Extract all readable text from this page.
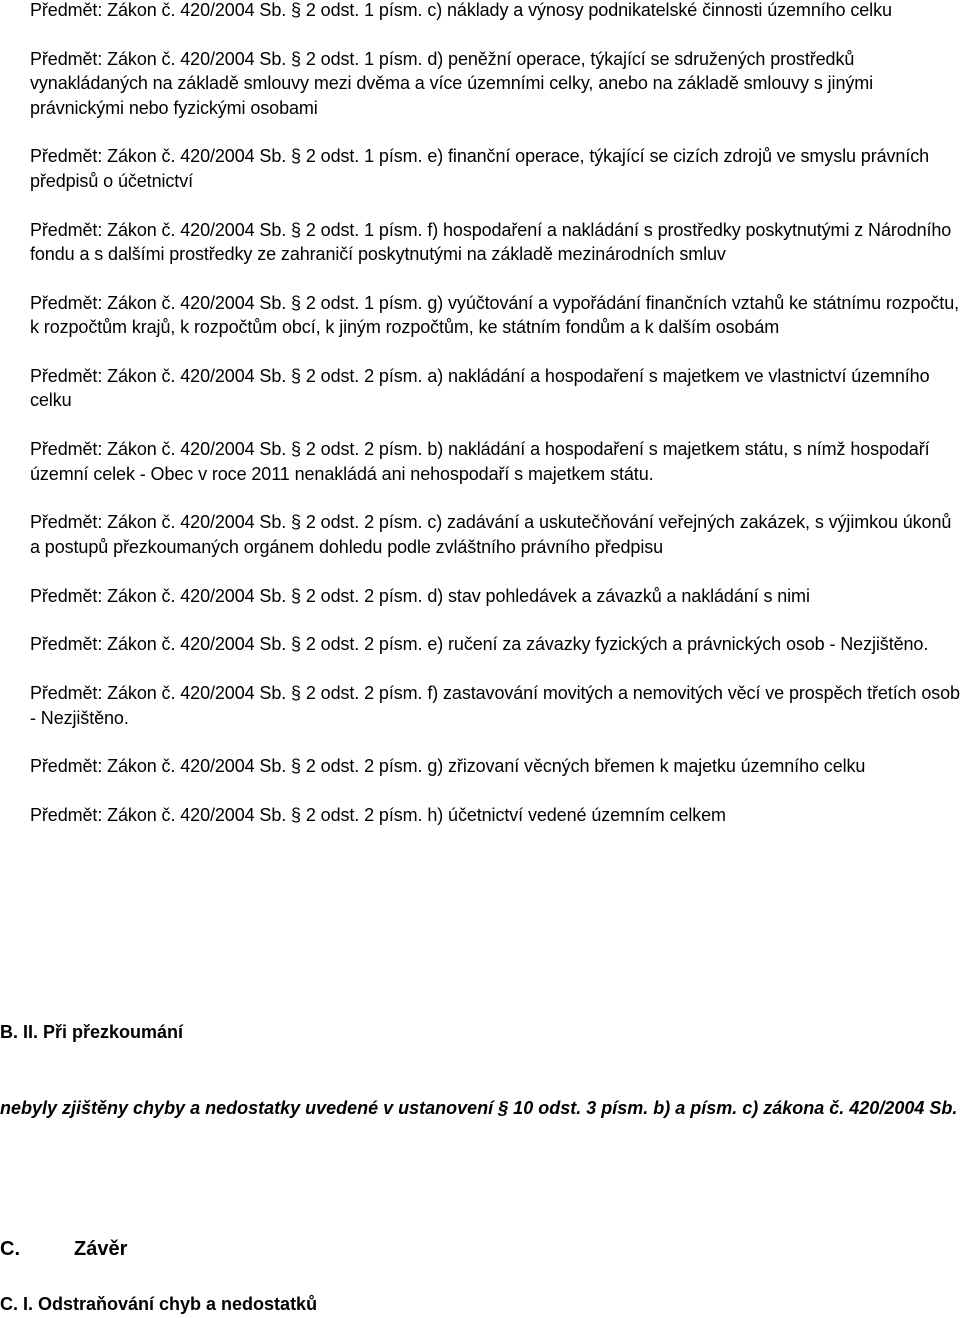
Předmět: Zákon č. 420/2004 Sb. § 2 odst. 1 písm. c) náklady a výnosy podnikatelské činnosti územního celku

Předmět: Zákon č. 420/2004 Sb. § 2 odst. 1 písm. d) peněžní operace, týkající se sdružených prostředků vynakládaných na základě smlouvy mezi dvěma a více územními celky, anebo na základě smlouvy s jinými právnickými nebo fyzickými osobami

Předmět: Zákon č. 420/2004 Sb. § 2 odst. 1 písm. e) finanční operace, týkající se cizích zdrojů ve smyslu právních předpisů o účetnictví

Předmět: Zákon č. 420/2004 Sb. § 2 odst. 1 písm. f) hospodaření a nakládání s prostředky poskytnutými z Národního fondu a s dalšími prostředky ze zahraničí poskytnutými na základě mezinárodních smluv

Předmět: Zákon č. 420/2004 Sb. § 2 odst. 1 písm. g) vyúčtování a vypořádání finančních vztahů ke státnímu rozpočtu, k rozpočtům krajů, k rozpočtům obcí, k jiným rozpočtům, ke státním fondům a k dalším osobám

Předmět: Zákon č. 420/2004 Sb. § 2 odst. 2 písm. a) nakládání a hospodaření s majetkem ve vlastnictví územního celku

Předmět: Zákon č. 420/2004 Sb. § 2 odst. 2 písm. b) nakládání a hospodaření s majetkem státu, s nímž hospodaří územní celek - Obec v roce 2011 nenakládá ani nehospodaří s majetkem státu.

Předmět: Zákon č. 420/2004 Sb. § 2 odst. 2 písm. c) zadávání a uskutečňování veřejných zakázek, s výjimkou úkonů a postupů přezkoumaných orgánem dohledu podle zvláštního právního předpisu

Předmět: Zákon č. 420/2004 Sb. § 2 odst. 2 písm. d) stav pohledávek a závazků a nakládání s nimi

Předmět: Zákon č. 420/2004 Sb. § 2 odst. 2 písm. e) ručení za závazky fyzických a právnických osob - Nezjištěno.

Předmět: Zákon č. 420/2004 Sb. § 2 odst. 2 písm. f) zastavování movitých a nemovitých věcí ve prospěch třetích osob - Nezjištěno.

Předmět: Zákon č. 420/2004 Sb. § 2 odst. 2 písm. g) zřizovaní věcných břemen k majetku územního celku

Předmět: Zákon č. 420/2004 Sb. § 2 odst. 2 písm. h) účetnictví vedené územním celkem

B. II. Při přezkoumání

nebyly zjištěny chyby a nedostatky uvedené v ustanovení § 10 odst. 3 písm. b) a písm. c) zákona č. 420/2004 Sb.

C.	Závěr

C. I. Odstraňování chyb a nedostatků
